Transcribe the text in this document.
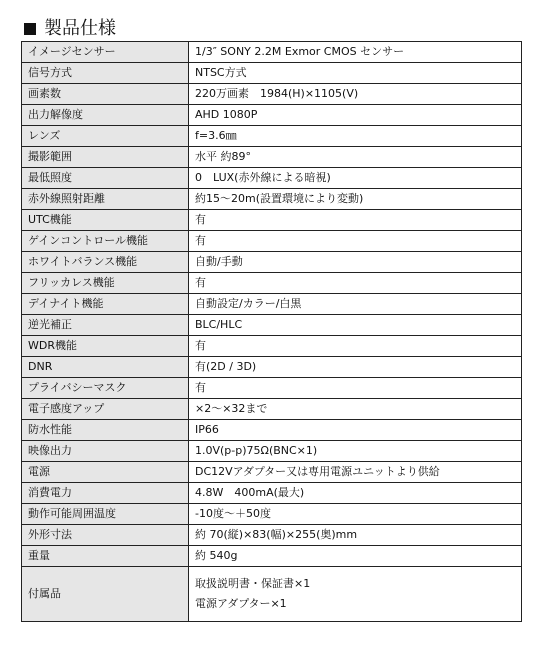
製品仕様
イメージセンサー	1/3″ SONY 2.2M Exmor CMOS センサー
信号方式	NTSC方式
画素数	220万画素　1984(H)×1105(V)
出力解像度	AHD 1080P
レンズ	f=3.6㎜
撮影範囲	水平 約89°
最低照度	0　LUX(赤外線による暗視)
赤外線照射距離	約15～20m(設置環境により変動)
UTC機能	有
ゲインコントロール機能	有
ホワイトバランス機能	自動/手動
フリッカレス機能	有
デイナイト機能	自動設定/カラー/白黒
逆光補正	BLC/HLC
WDR機能	有
DNR	有(2D / 3D)
プライバシーマスク	有
電子感度アップ	×2～×32まで
防水性能	IP66
映像出力	1.0V(p-p)75Ω(BNC×1)
電源	DC12Vアダプター又は専用電源ユニットより供給
消費電力	4.8W　400mA(最大)
動作可能周囲温度	-10度～＋50度
外形寸法	約 70(縦)×83(幅)×255(奥)mm
重量	約 540g
付属品	取扱説明書・保証書×1
電源アダプター×1
